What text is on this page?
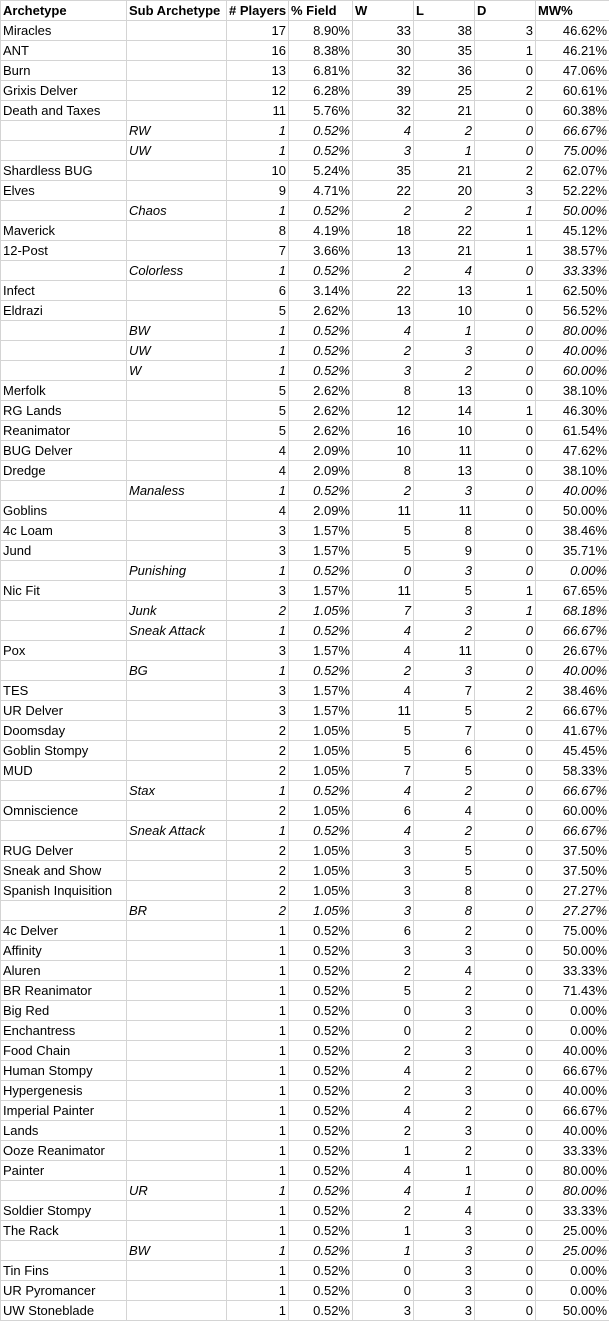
Archetype	Sub Archetype	# Players	% Field	W	L	D	MW%
Miracles		17	8.90%	33	38	3	46.62%
ANT		16	8.38%	30	35	1	46.21%
Burn		13	6.81%	32	36	0	47.06%
Grixis Delver		12	6.28%	39	25	2	60.61%
Death and Taxes		11	5.76%	32	21	0	60.38%
	RW	1	0.52%	4	2	0	66.67%
	UW	1	0.52%	3	1	0	75.00%
Shardless BUG		10	5.24%	35	21	2	62.07%
Elves		9	4.71%	22	20	3	52.22%
	Chaos	1	0.52%	2	2	1	50.00%
Maverick		8	4.19%	18	22	1	45.12%
12-Post		7	3.66%	13	21	1	38.57%
	Colorless	1	0.52%	2	4	0	33.33%
Infect		6	3.14%	22	13	1	62.50%
Eldrazi		5	2.62%	13	10	0	56.52%
	BW	1	0.52%	4	1	0	80.00%
	UW	1	0.52%	2	3	0	40.00%
	W	1	0.52%	3	2	0	60.00%
Merfolk		5	2.62%	8	13	0	38.10%
RG Lands		5	2.62%	12	14	1	46.30%
Reanimator		5	2.62%	16	10	0	61.54%
BUG Delver		4	2.09%	10	11	0	47.62%
Dredge		4	2.09%	8	13	0	38.10%
	Manaless	1	0.52%	2	3	0	40.00%
Goblins		4	2.09%	11	11	0	50.00%
4c Loam		3	1.57%	5	8	0	38.46%
Jund		3	1.57%	5	9	0	35.71%
	Punishing	1	0.52%	0	3	0	0.00%
Nic Fit		3	1.57%	11	5	1	67.65%
	Junk	2	1.05%	7	3	1	68.18%
	Sneak Attack	1	0.52%	4	2	0	66.67%
Pox		3	1.57%	4	11	0	26.67%
	BG	1	0.52%	2	3	0	40.00%
TES		3	1.57%	4	7	2	38.46%
UR Delver		3	1.57%	11	5	2	66.67%
Doomsday		2	1.05%	5	7	0	41.67%
Goblin Stompy		2	1.05%	5	6	0	45.45%
MUD		2	1.05%	7	5	0	58.33%
	Stax	1	0.52%	4	2	0	66.67%
Omniscience		2	1.05%	6	4	0	60.00%
	Sneak Attack	1	0.52%	4	2	0	66.67%
RUG Delver		2	1.05%	3	5	0	37.50%
Sneak and Show		2	1.05%	3	5	0	37.50%
Spanish Inquisition		2	1.05%	3	8	0	27.27%
	BR	2	1.05%	3	8	0	27.27%
4c Delver		1	0.52%	6	2	0	75.00%
Affinity		1	0.52%	3	3	0	50.00%
Aluren		1	0.52%	2	4	0	33.33%
BR Reanimator		1	0.52%	5	2	0	71.43%
Big Red		1	0.52%	0	3	0	0.00%
Enchantress		1	0.52%	0	2	0	0.00%
Food Chain		1	0.52%	2	3	0	40.00%
Human Stompy		1	0.52%	4	2	0	66.67%
Hypergenesis		1	0.52%	2	3	0	40.00%
Imperial Painter		1	0.52%	4	2	0	66.67%
Lands		1	0.52%	2	3	0	40.00%
Ooze Reanimator		1	0.52%	1	2	0	33.33%
Painter		1	0.52%	4	1	0	80.00%
	UR	1	0.52%	4	1	0	80.00%
Soldier Stompy		1	0.52%	2	4	0	33.33%
The Rack		1	0.52%	1	3	0	25.00%
	BW	1	0.52%	1	3	0	25.00%
Tin Fins		1	0.52%	0	3	0	0.00%
UR Pyromancer		1	0.52%	0	3	0	0.00%
UW Stoneblade		1	0.52%	3	3	0	50.00%
